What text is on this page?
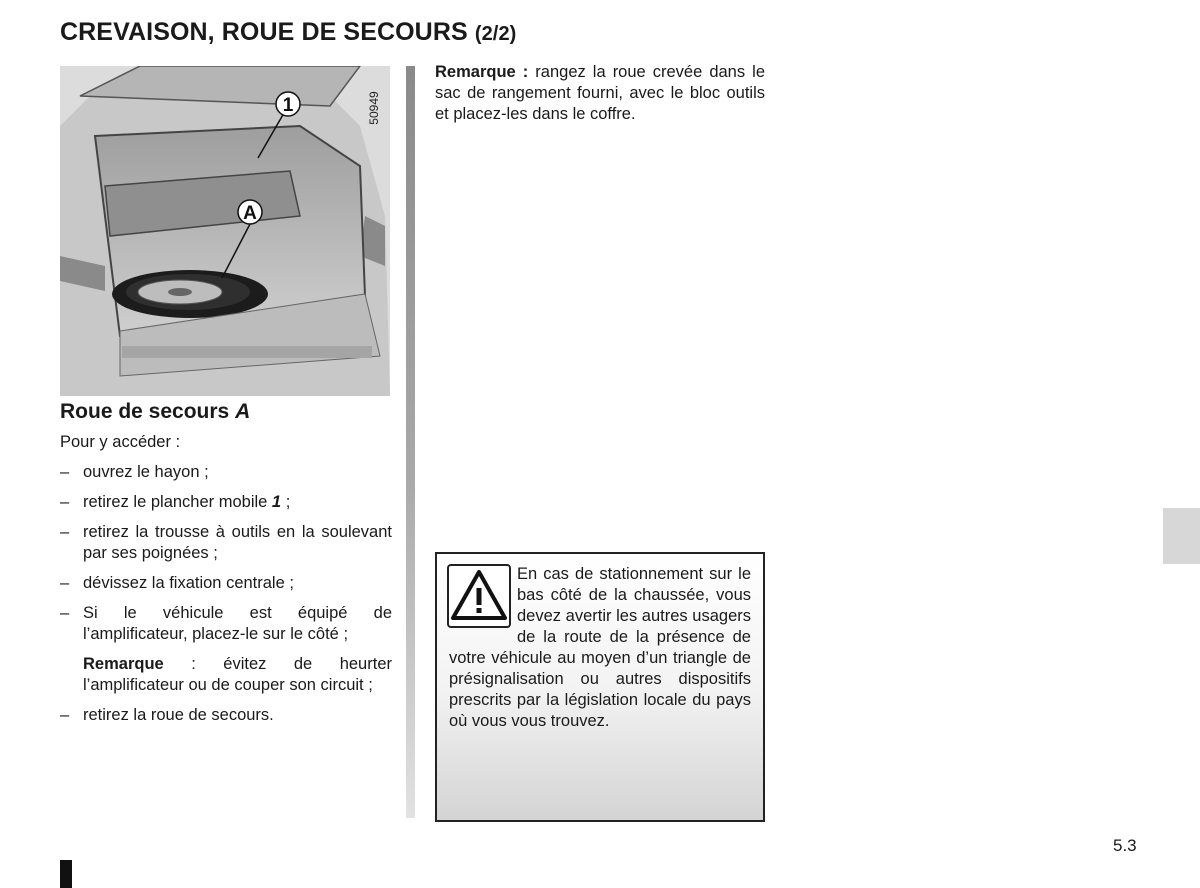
CREVAISON, ROUE DE SECOURS (2/2)
1
A
50949
Roue de secours A

Pour y accéder :

– ouvrez le hayon ;
– retirez le plancher mobile 1 ;
– retirez la trousse à outils en la soulevant par ses poignées ;
– dévissez la fixation centrale ;
– Si le véhicule est équipé de l’amplificateur, placez-le sur le côté ;
Remarque : évitez de heurter l’amplificateur ou de couper son circuit ;
– retirez la roue de secours.

Remarque : rangez la roue crevée dans le sac de rangement fourni, avec le bloc outils et placez-les dans le coffre.

En cas de stationnement sur le bas côté de la chaussée, vous devez avertir les autres usagers de la route de la présence de votre véhicule au moyen d’un triangle de présignalisation ou autres dispositifs prescrits par la législation locale du pays où vous vous trouvez.
5.3
